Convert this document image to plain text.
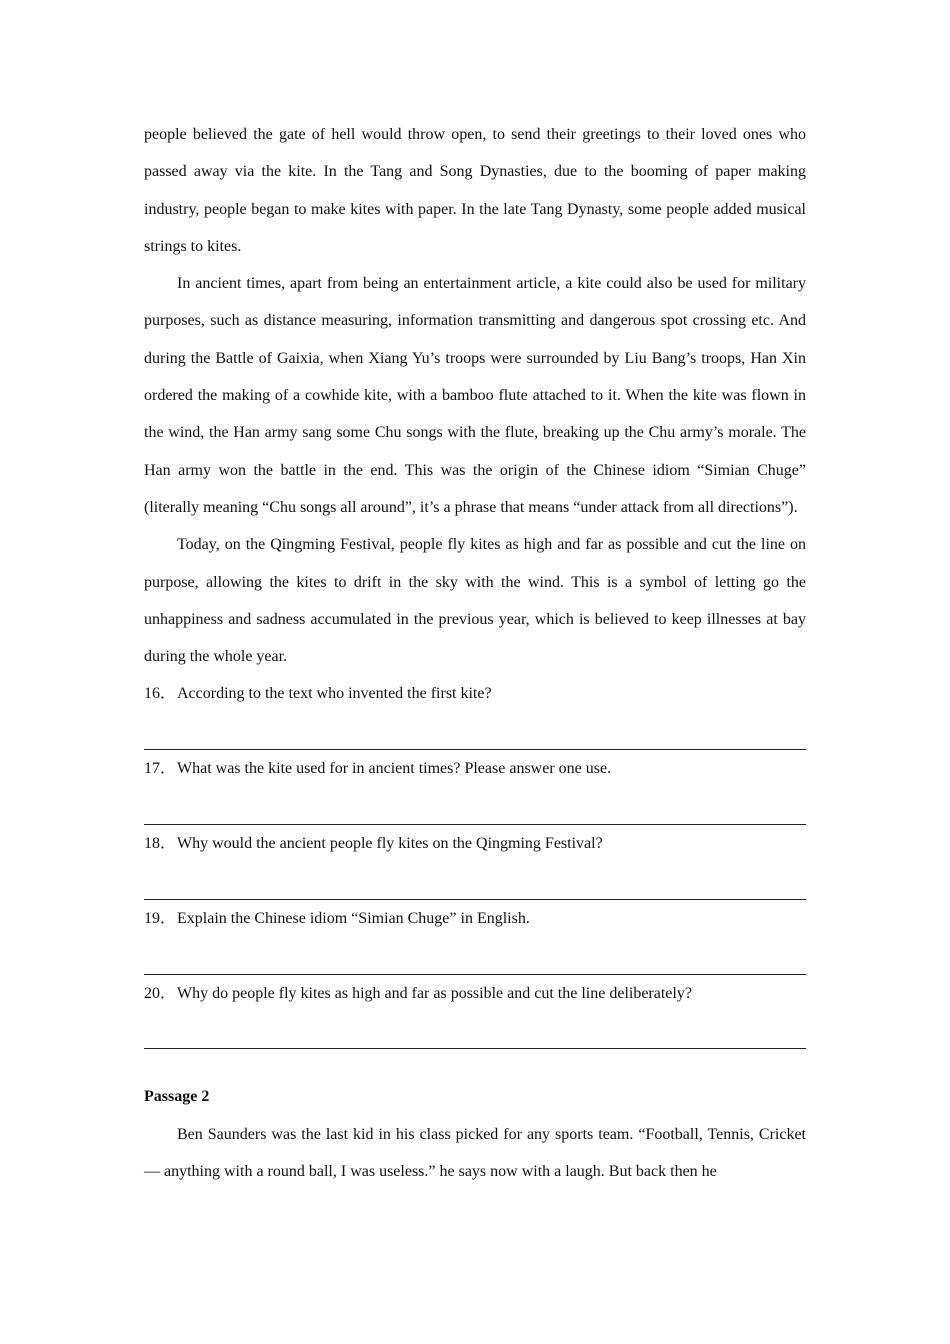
people believed the gate of hell would throw open, to send their greetings to their loved ones who passed away via the kite. In the Tang and Song Dynasties, due to the booming of paper making industry, people began to make kites with paper. In the late Tang Dynasty, some people added musical strings to kites.

In ancient times, apart from being an entertainment article, a kite could also be used for military purposes, such as distance measuring, information transmitting and dangerous spot crossing etc. And during the Battle of Gaixia, when Xiang Yu’s troops were surrounded by Liu Bang’s troops, Han Xin ordered the making of a cowhide kite, with a bamboo flute attached to it. When the kite was flown in the wind, the Han army sang some Chu songs with the flute, breaking up the Chu army’s morale. The Han army won the battle in the end. This was the origin of the Chinese idiom “Simian Chuge” (literally meaning “Chu songs all around”, it’s a phrase that means “under attack from all directions”).

Today, on the Qingming Festival, people fly kites as high and far as possible and cut the line on purpose, allowing the kites to drift in the sky with the wind. This is a symbol of letting go the unhappiness and sadness accumulated in the previous year, which is believed to keep illnesses at bay during the whole year.

16．According to the text who invented the first kite?

17．What was the kite used for in ancient times? Please answer one use.

18．Why would the ancient people fly kites on the Qingming Festival?

19．Explain the Chinese idiom “Simian Chuge” in English.

20．Why do people fly kites as high and far as possible and cut the line deliberately?

Passage 2

Ben Saunders was the last kid in his class picked for any sports team. “Football, Tennis, Cricket — anything with a round ball, I was useless.” he says now with a laugh. But back then he
